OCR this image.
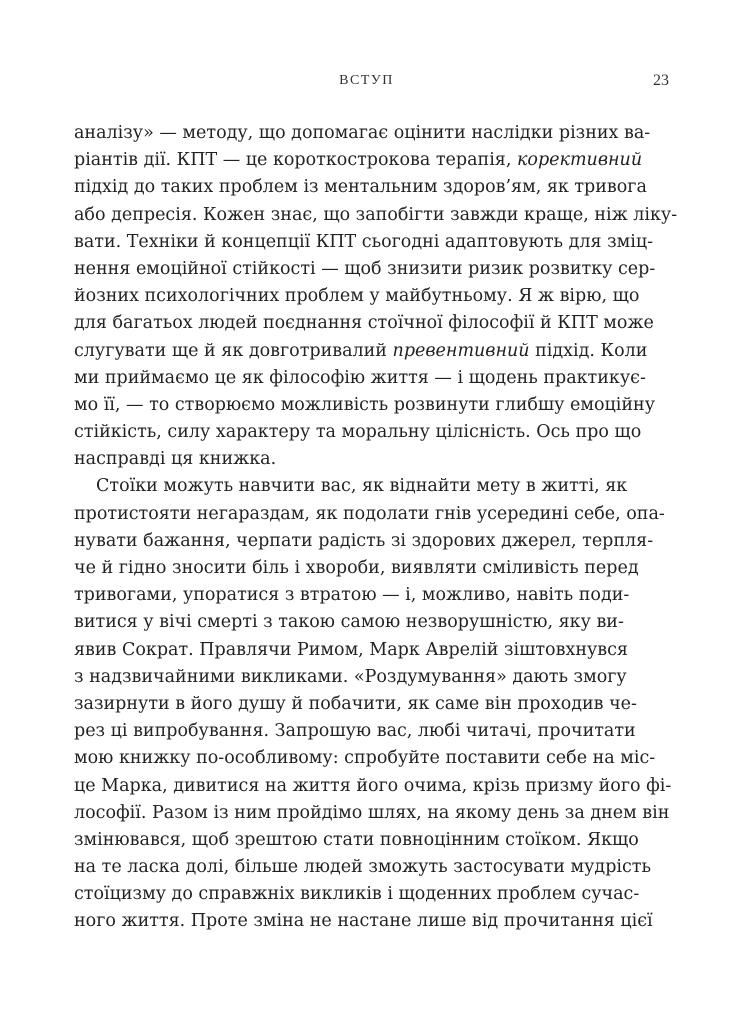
ВСТУП	23
аналізу» — методу, що допомагає оцінити наслідки різних ва-
ріантів дії. КПТ — це короткострокова терапія, корективний
підхід до таких проблем із ментальним здоров’ям, як тривога
або депресія. Кожен знає, що запобігти завжди краще, ніж ліку-
вати. Техніки й концепції КПТ сьогодні адаптовують для зміц-
нення емоційної стійкості — щоб знизити ризик розвитку сер-
йозних психологічних проблем у майбутньому. Я ж вірю, що
для багатьох людей поєднання стоїчної філософії й КПТ може
слугувати ще й як довготривалий превентивний підхід. Коли
ми приймаємо це як філософію життя — і щодень практикує-
мо її, — то створюємо можливість розвинути глибшу емоційну
стійкість, силу характеру та моральну цілісність. Ось про що
насправді ця книжка.
Стоїки можуть навчити вас, як віднайти мету в житті, як
протистояти негараздам, як подолати гнів усередині себе, опа-
нувати бажання, черпати радість зі здорових джерел, терпля-
че й гідно зносити біль і хвороби, виявляти сміливість перед
тривогами, упоратися з втратою — і, можливо, навіть поди-
витися у вічі смерті з такою самою незворушністю, яку ви-
явив Сократ. Правлячи Римом, Марк Аврелій зіштовхнувся
з надзвичайними викликами. «Роздумування» дають змогу
зазирнути в його душу й побачити, як саме він проходив че-
рез ці випробування. Запрошую вас, любі читачі, прочитати
мою книжку по-особливому: спробуйте поставити себе на міс-
це Марка, дивитися на життя його очима, крізь призму його фі-
лософії. Разом із ним пройдімо шлях, на якому день за днем він
змінювався, щоб зрештою стати повноцінним стоїком. Якщо
на те ласка долі, більше людей зможуть застосувати мудрість
стоїцизму до справжніх викликів і щоденних проблем сучас-
ного життя. Проте зміна не настане лише від прочитання цієї
